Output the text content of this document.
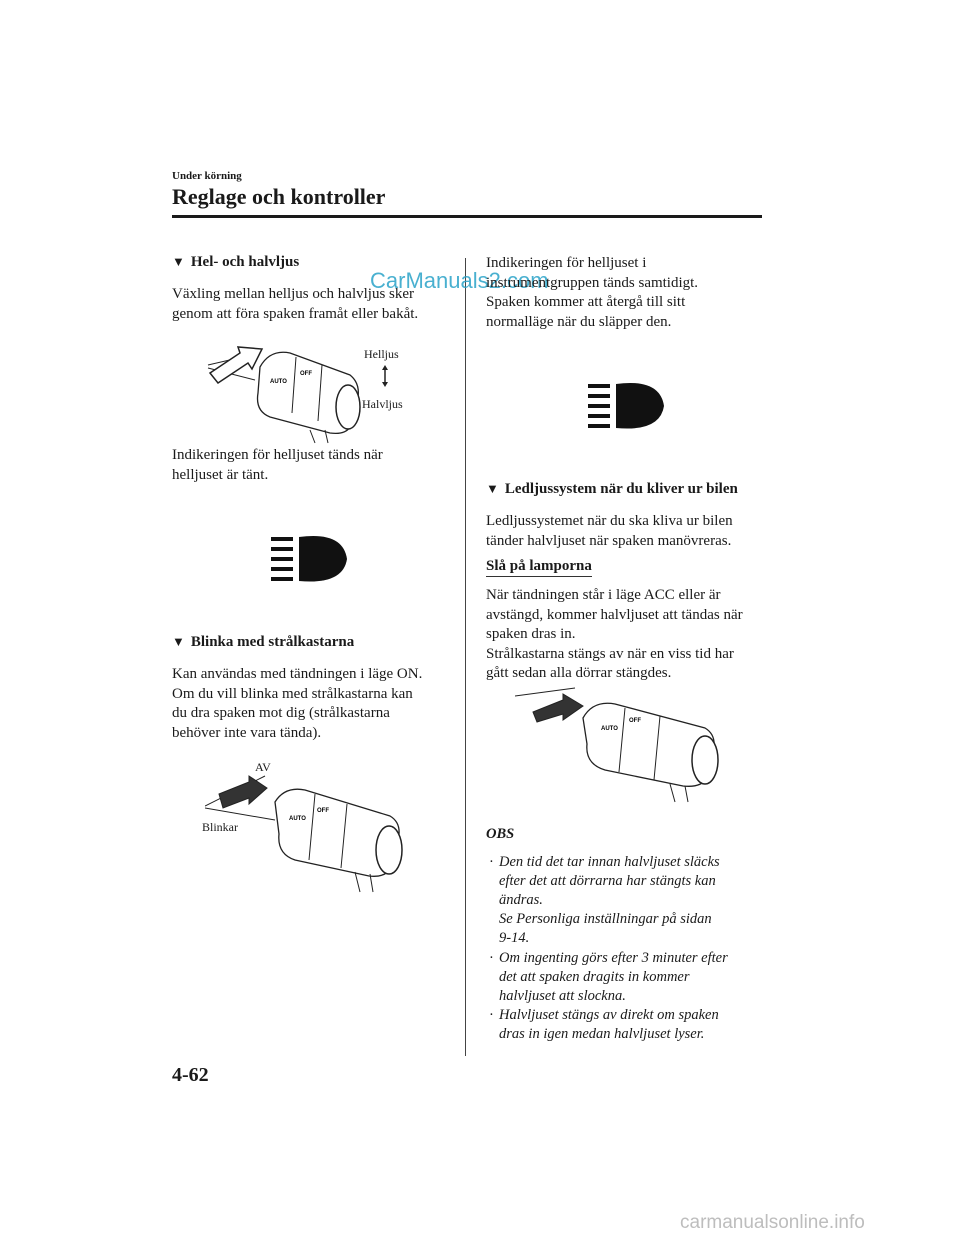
Under körning
Reglage och kontroller
▼ Hel- och halvljus
Växling mellan helljus och halvljus sker
genom att föra spaken framåt eller bakåt.
OFF
AUTO
Helljus
Halvljus
Indikeringen för helljuset tänds när
helljuset är tänt.
▼ Blinka med strålkastarna
Kan användas med tändningen i läge ON.
Om du vill blinka med strålkastarna kan
du dra spaken mot dig (strålkastarna
behöver inte vara tända).
AV
Blinkar
OFF
AUTO
CarManuals2.com
Indikeringen för helljuset i
instrumentgruppen tänds samtidigt.
Spaken kommer att återgå till sitt
normalläge när du släpper den.
▼ Ledljussystem när du kliver ur bilen
Ledljussystemet när du ska kliva ur bilen
tänder halvljuset när spaken manövreras.
Slå på lamporna
När tändningen står i läge ACC eller är
avstängd, kommer halvljuset att tändas när
spaken dras in.
Strålkastarna stängs av när en viss tid har
gått sedan alla dörrar stängdes.
OFF
AUTO
OBS
· Den tid det tar innan halvljuset släcks
efter det att dörrarna har stängts kan
ändras.
Se Personliga inställningar på sidan
9-14.
· Om ingenting görs efter 3 minuter efter
det att spaken dragits in kommer
halvljuset att slockna.
· Halvljuset stängs av direkt om spaken
dras in igen medan halvljuset lyser.
4-62
carmanualsonline.info
